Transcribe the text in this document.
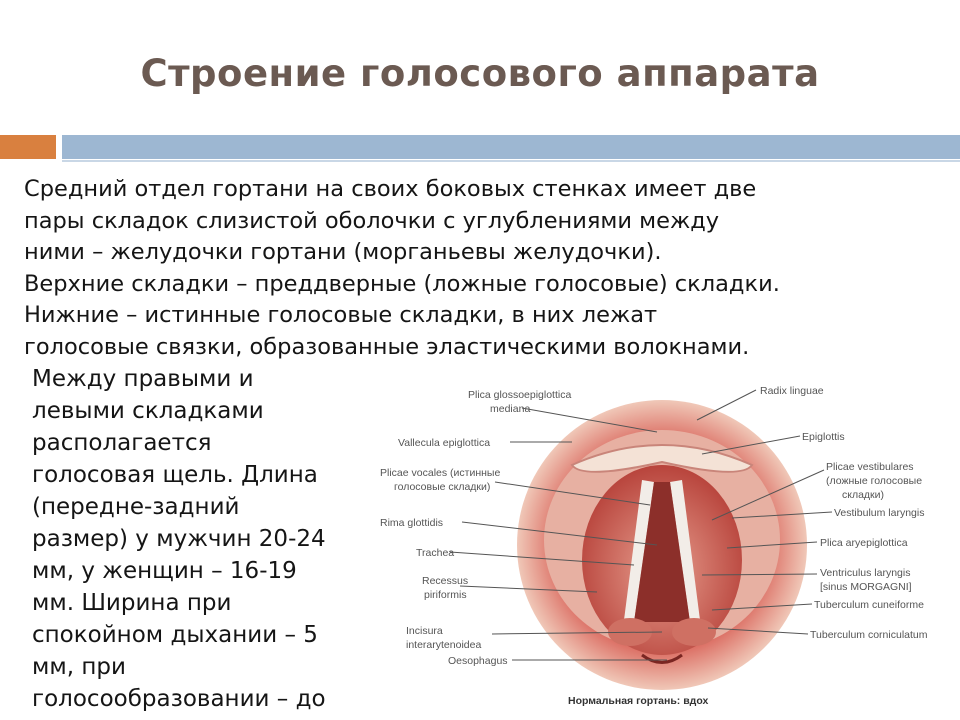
Строение голосового аппарата

Средний отдел гортани на своих боковых стенках имеет две

пары складок слизистой оболочки с углублениями между

ними – желудочки гортани (морганьевы желудочки).

Верхние складки – преддверные (ложные голосовые) складки.

Нижние – истинные голосовые складки, в них лежат

голосовые связки, образованные эластическими волокнами.

Между правыми и
левыми складками
располагается
голосовая щель. Длина
(передне-задний
размер) у мужчин 20-24
мм, у женщин – 16-19
мм. Ширина при
спокойном дыхании – 5
мм, при
голосообразовании – до

Plica glossoepiglottica
mediana
Vallecula epiglottica
Plicae vocales (истинные
голосовые складки)
Rima glottidis
Trachea
Recessus
piriformis
Incisura
interarytenoidea
Oesophagus
Radix linguae
Epiglottis
Plicae vestibulares
(ложные голосовые
складки)
Vestibulum laryngis
Plica aryepiglottica
Ventriculus laryngis
[sinus MORGAGNI]
Tuberculum cuneiforme
Tuberculum corniculatum
Нормальная гортань: вдох
